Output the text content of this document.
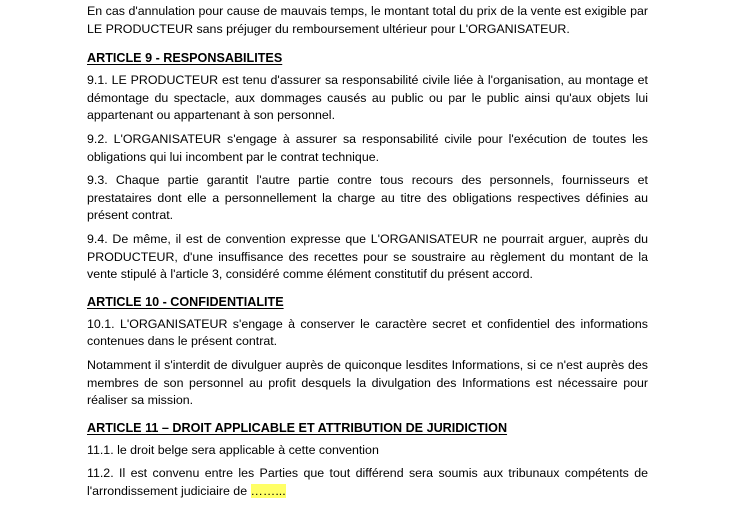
En cas d'annulation pour cause de mauvais temps, le montant total du prix de la vente est exigible par LE PRODUCTEUR sans préjuger du remboursement ultérieur pour L'ORGANISATEUR.

ARTICLE 9 - RESPONSABILITES

9.1. LE PRODUCTEUR est tenu d'assurer sa responsabilité civile liée à l'organisation, au montage et démontage du spectacle, aux dommages causés au public ou par le public ainsi qu'aux objets lui appartenant ou appartenant à son personnel.

9.2. L'ORGANISATEUR s'engage à assurer sa responsabilité civile pour l'exécution de toutes les obligations qui lui incombent par le contrat technique.

9.3. Chaque partie garantit l'autre partie contre tous recours des personnels, fournisseurs et prestataires dont elle a personnellement la charge au titre des obligations respectives définies au présent contrat.

9.4. De même, il est de convention expresse que L'ORGANISATEUR ne pourrait arguer, auprès du PRODUCTEUR, d'une insuffisance des recettes pour se soustraire au règlement du montant de la vente stipulé à l'article 3, considéré comme élément constitutif du présent accord.

ARTICLE 10 - CONFIDENTIALITE

10.1. L'ORGANISATEUR s'engage à conserver le caractère secret et confidentiel des informations contenues dans le présent contrat.

Notamment il s'interdit de divulguer auprès de quiconque lesdites Informations, si ce n'est auprès des membres de son personnel au profit desquels la divulgation des Informations est nécessaire pour réaliser sa mission.

ARTICLE 11 – DROIT APPLICABLE ET ATTRIBUTION DE JURIDICTION

11.1. le droit belge sera applicable à cette convention

11.2. Il est convenu entre les Parties que tout différend sera soumis aux tribunaux compétents de l'arrondissement judiciaire de ……...
